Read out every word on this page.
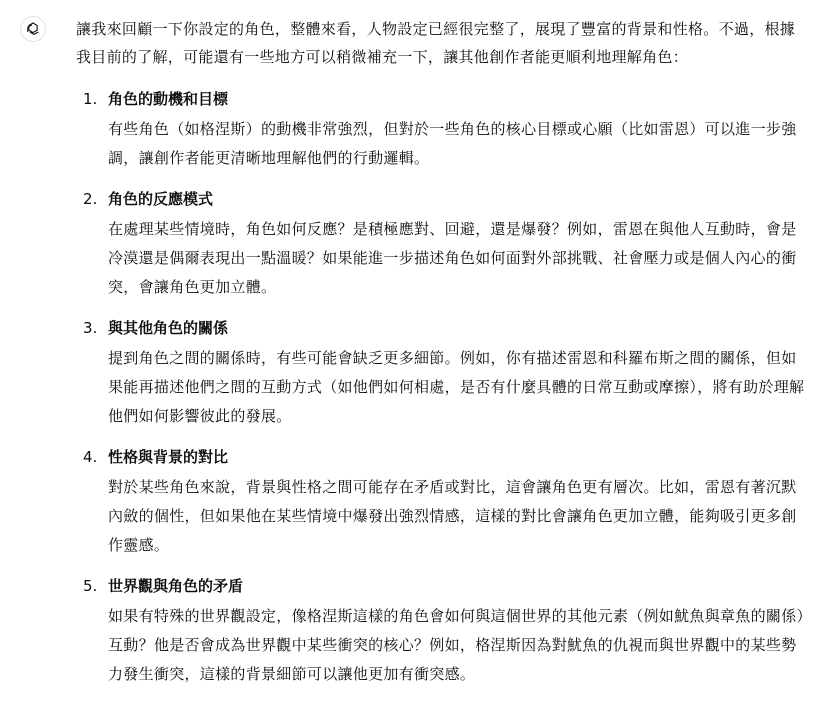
讓我來回顧一下你設定的角色，整體來看，人物設定已經很完整了，展現了豐富的背景和性格。不過，根據我目前的了解，可能還有一些地方可以稍微補充一下，讓其他創作者能更順利地理解角色：

1. 角色的動機和目標

有些角色（如格涅斯）的動機非常強烈，但對於一些角色的核心目標或心願（比如雷恩）可以進一步強調，讓創作者能更清晰地理解他們的行動邏輯。

2. 角色的反應模式

在處理某些情境時，角色如何反應？是積極應對、回避，還是爆發？例如，雷恩在與他人互動時，會是冷漠還是偶爾表現出一點溫暖？如果能進一步描述角色如何面對外部挑戰、社會壓力或是個人內心的衝突，會讓角色更加立體。

3. 與其他角色的關係

提到角色之間的關係時，有些可能會缺乏更多細節。例如，你有描述雷恩和科羅布斯之間的關係，但如果能再描述他們之間的互動方式（如他們如何相處，是否有什麼具體的日常互動或摩擦），將有助於理解他們如何影響彼此的發展。

4. 性格與背景的對比

對於某些角色來說，背景與性格之間可能存在矛盾或對比，這會讓角色更有層次。比如，雷恩有著沉默內斂的個性，但如果他在某些情境中爆發出強烈情感，這樣的對比會讓角色更加立體，能夠吸引更多創作靈感。

5. 世界觀與角色的矛盾

如果有特殊的世界觀設定，像格涅斯這樣的角色會如何與這個世界的其他元素（例如魷魚與章魚的關係）互動？他是否會成為世界觀中某些衝突的核心？例如，格涅斯因為對魷魚的仇視而與世界觀中的某些勢力發生衝突，這樣的背景細節可以讓他更加有衝突感。
